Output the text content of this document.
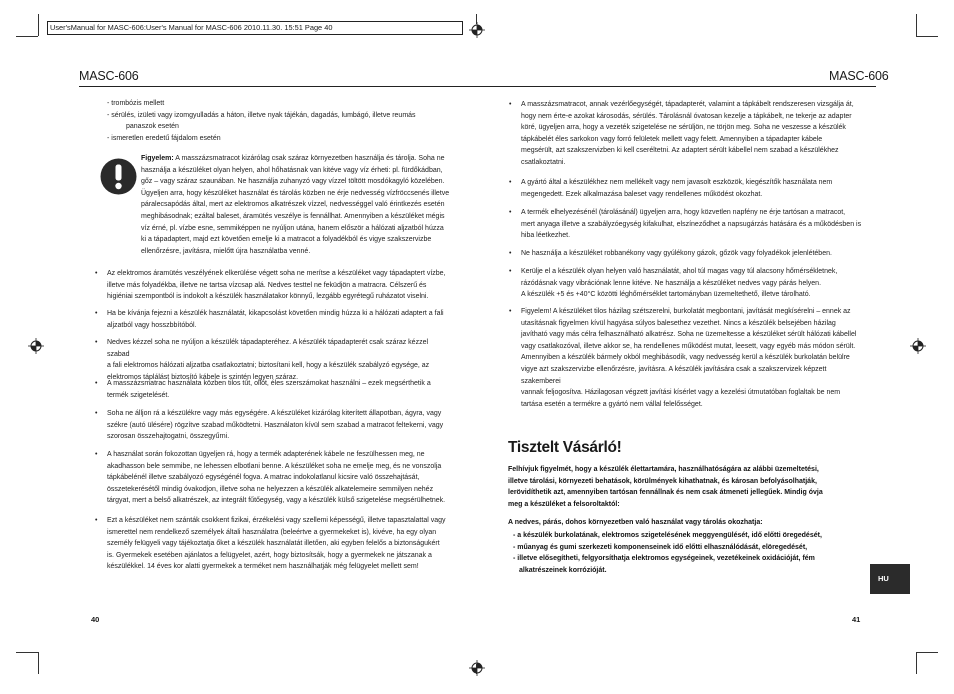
User'sManual for MASC-606:User's Manual for MASC-606 2010.11.30. 15:51 Page 40
MASC-606	MASC-606
- trombózis mellett
- sérülés, izületi vagy izomgyulladás a háton, illetve nyak tájékán, dagadás, lumbágó, illetve reumás
panaszok esetén
- ismeretlen eredetű fájdalom esetén
Figyelem: A masszázsmatracot kizárólag csak száraz környezetben használja és tárolja. Soha ne
használja a készüléket olyan helyen, ahol hőhatásnak van kitéve vagy víz érheti: pl. fürdőkádban,
gőz – vagy száraz szaunában. Ne használja zuhanyzó vagy vízzel töltött mosdókagyló közelében.
Ügyeljen arra, hogy készüléket használat és tárolás közben ne érje nedvesség vízfröccsenés illetve
páralecsapódás által, mert az elektromos alkatrészek vízzel, nedvességgel való érintkezés esetén
meghibásodnak; ezáltal baleset, áramütés veszélye is fennállhat. Amennyiben a készüléket mégis
víz érné, pl. vízbe esne, semmiképpen ne nyúljon utána, hanem először a hálózati aljzatból húzza
ki a tápadaptert, majd ezt követően emelje ki a matracot a folyadékból és vigye szakszervizbe
ellenőrzésre, javításra, mielőtt újra használatba venné.
• Az elektromos áramütés veszélyének elkerülése végett soha ne merítse a készüléket vagy tápadaptert vízbe,
illetve más folyadékba, illetve ne tartsa vízcsap alá. Nedves testtel ne feküdjön a matracra. Célszerű és
higiéniai szempontból is indokolt a készülék használatakor könnyű, lezgább egyrétegű ruházatot viselni.
• Ha be kívánja fejezni a készülék használatát, kikapcsolást követően mindig húzza ki a hálózati adaptert a fali
aljzatból vagy hosszbbítóból.
• Nedves kézzel soha ne nyúljon a készülék tápadapteréhez. A készülék tápadapterét csak száraz kézzel szabad
a fali elektromos hálózati aljzatba csatlakoztatni; biztosítani kell, hogy a készülék szabályzó egysége, az
elektromos táplálást biztosító kábele is szintén legyen száraz.
• A masszázsmatrac használata közben tilos tűt, ollót, éles szerszámokat használni – ezek megsérthetik a
termék szigetelését.
• Soha ne álljon rá a készülékre vagy más egységére. A készüléket kizárólag kiterített állapotban, ágyra, vagy
székre (autó ülésére) rögzítve szabad működtetni. Használaton kívül sem szabad a matracot feltekerni, vagy
szorosan összehajtogatni, összegyűrni.
• A használat során fokozottan ügyeljen rá, hogy a termék adapterének kábele ne feszülhessen meg, ne
akadhasson bele semmibe, ne lehessen elbotlani benne. A készüléket soha ne emelje meg, és ne vonszolja
tápkábelénél illetve szabályozó egységénél fogva. A matrac indokolatlanul kicsire való összehajtását,
összetekerésétől mindig óvakodjon, illetve soha ne helyezzen a készülék alkatelemeire semmilyen nehéz
tárgyat, mert a belső alkatrészek, az integrált fűtőegység, vagy a készülék külső szigetelése megsérülhetnek.
• Ezt a készüléket nem szánták csokkent fizikai, érzékelési vagy szellemi képességű, illetve tapasztalattal vagy
ismerettel nem rendelkező személyek általi használatra (beleértve a gyermekeket is), kivéve, ha egy olyan
személy felügyeli vagy tájékoztatja őket a készülék használatát illetően, aki egyben felelős a biztonságukért
is. Gyermekek esetében ajánlatos a felügyelet, azért, hogy biztosítsák, hogy a gyermekek ne játszanak a
készülékkel. 14 éves kor alatti gyermekek a terméket nem használhatják még felügyelet mellett sem!
40
• A masszázsmatracot, annak vezérlőegységét, tápadapterét, valamint a tápkábelt rendszeresen vizsgálja át,
hogy nem érte-e azokat károsodás, sérülés. Tárolásnál óvatosan kezelje a tápkábelt, ne tekerje az adapter
köré, ügyeljen arra, hogy a vezeték szigetelése ne sérüljön, ne törjön meg. Soha ne veszesse a készülék
tápkábelét éles sarkokon vagy forró felületek mellett vagy felett. Amennyiben a tápadapter kábele
megsérült, azt szakszervizben ki kell cseréltetni. Az adaptert sérült kábellel nem szabad a készülékhez
csatlakoztatni.
• A gyártó által a készülékhez nem mellékelt vagy nem javasolt eszközök, kiegészítők használata nem
megengedett. Ezek alkalmazása baleset vagy rendellenes működést okozhat.
• A termék elhelyezésénél (tárolásánál) ügyeljen arra, hogy közvetlen napfény ne érje tartósan a matracot,
mert anyaga illetve a szabályzóegység kifakulhat, elszíneződhet a napsugárzás hatására és a működésben is
hiba léetkezhet.
• Ne használja a készüléket robbanékony vagy gyúlékony gázok, gőzök vagy folyadékok jelenlétében.
• Kerülje el a készülék olyan helyen való használatát, ahol túl magas vagy túl alacsony hőmérsékletnek,
rázódásnak vagy vibrációnak lenne kitéve. Ne használja a készüléket nedves vagy párás helyen.
A készülék +5 és +40°C közötti léghőmérséklet tartományban üzemeltethető, illetve tárolható.
• Figyelem! A készüléket tilos házilag szétszerelni, burkolatát megbontani, javítását megkísérelni – ennek az
utasításnak figyelmen kívül hagyása súlyos balesethez vezethet. Nincs a készülék belsejében házilag
javítható vagy más célra felhasználható alkatrész. Soha ne üzemeltesse a készüléket sérült hálózati kábellel
vagy csatlakozóval, illetve akkor se, ha rendellenes működést mutat, leesett, vagy egyéb más módon sérült.
Amennyiben a készülék bármely okból meghibásodik, vagy nedvesség kerül a készülék burkolatán belülre
vigye azt szakszervizbe ellenőrzésre, javításra. A készülék javítására csak a szakszervizek képzett szakemberei
vannak feljogosítva. Házilagosan végzett javítási kísérlet vagy a kezelési útmutatóban foglaltak be nem
tartása esetén a termékre a gyártó nem vállal felelősséget.
Tisztelt Vásárló!
Felhívjuk figyelmét, hogy a készülék élettartamára, használhatóságára az alábbi üzemeltetési,
illetve tárolási, környezeti behatások, körülmények kihathatnak, és károsan befolyásolhatják,
lerövidíthetik azt, amennyiben tartósan fennállnak és nem csak átmeneti jellegűek. Mindig óvja
meg a készüléket a felsoroltaktól:
A nedves, párás, dohos környezetben való használat vagy tárolás okozhatja:
- a készülék burkolatának, elektromos szigetelésének meggyengülését, idő előtti öregedését,
- műanyag és gumi szerkezeti komponenseinek idő előtti elhasználódását, elöregedését,
- illetve elősegítheti, felgyorsíthatja elektromos egységeinek, vezetékeinek oxidációját, fém
alkatrészeinek korrózióját.
HU
41
